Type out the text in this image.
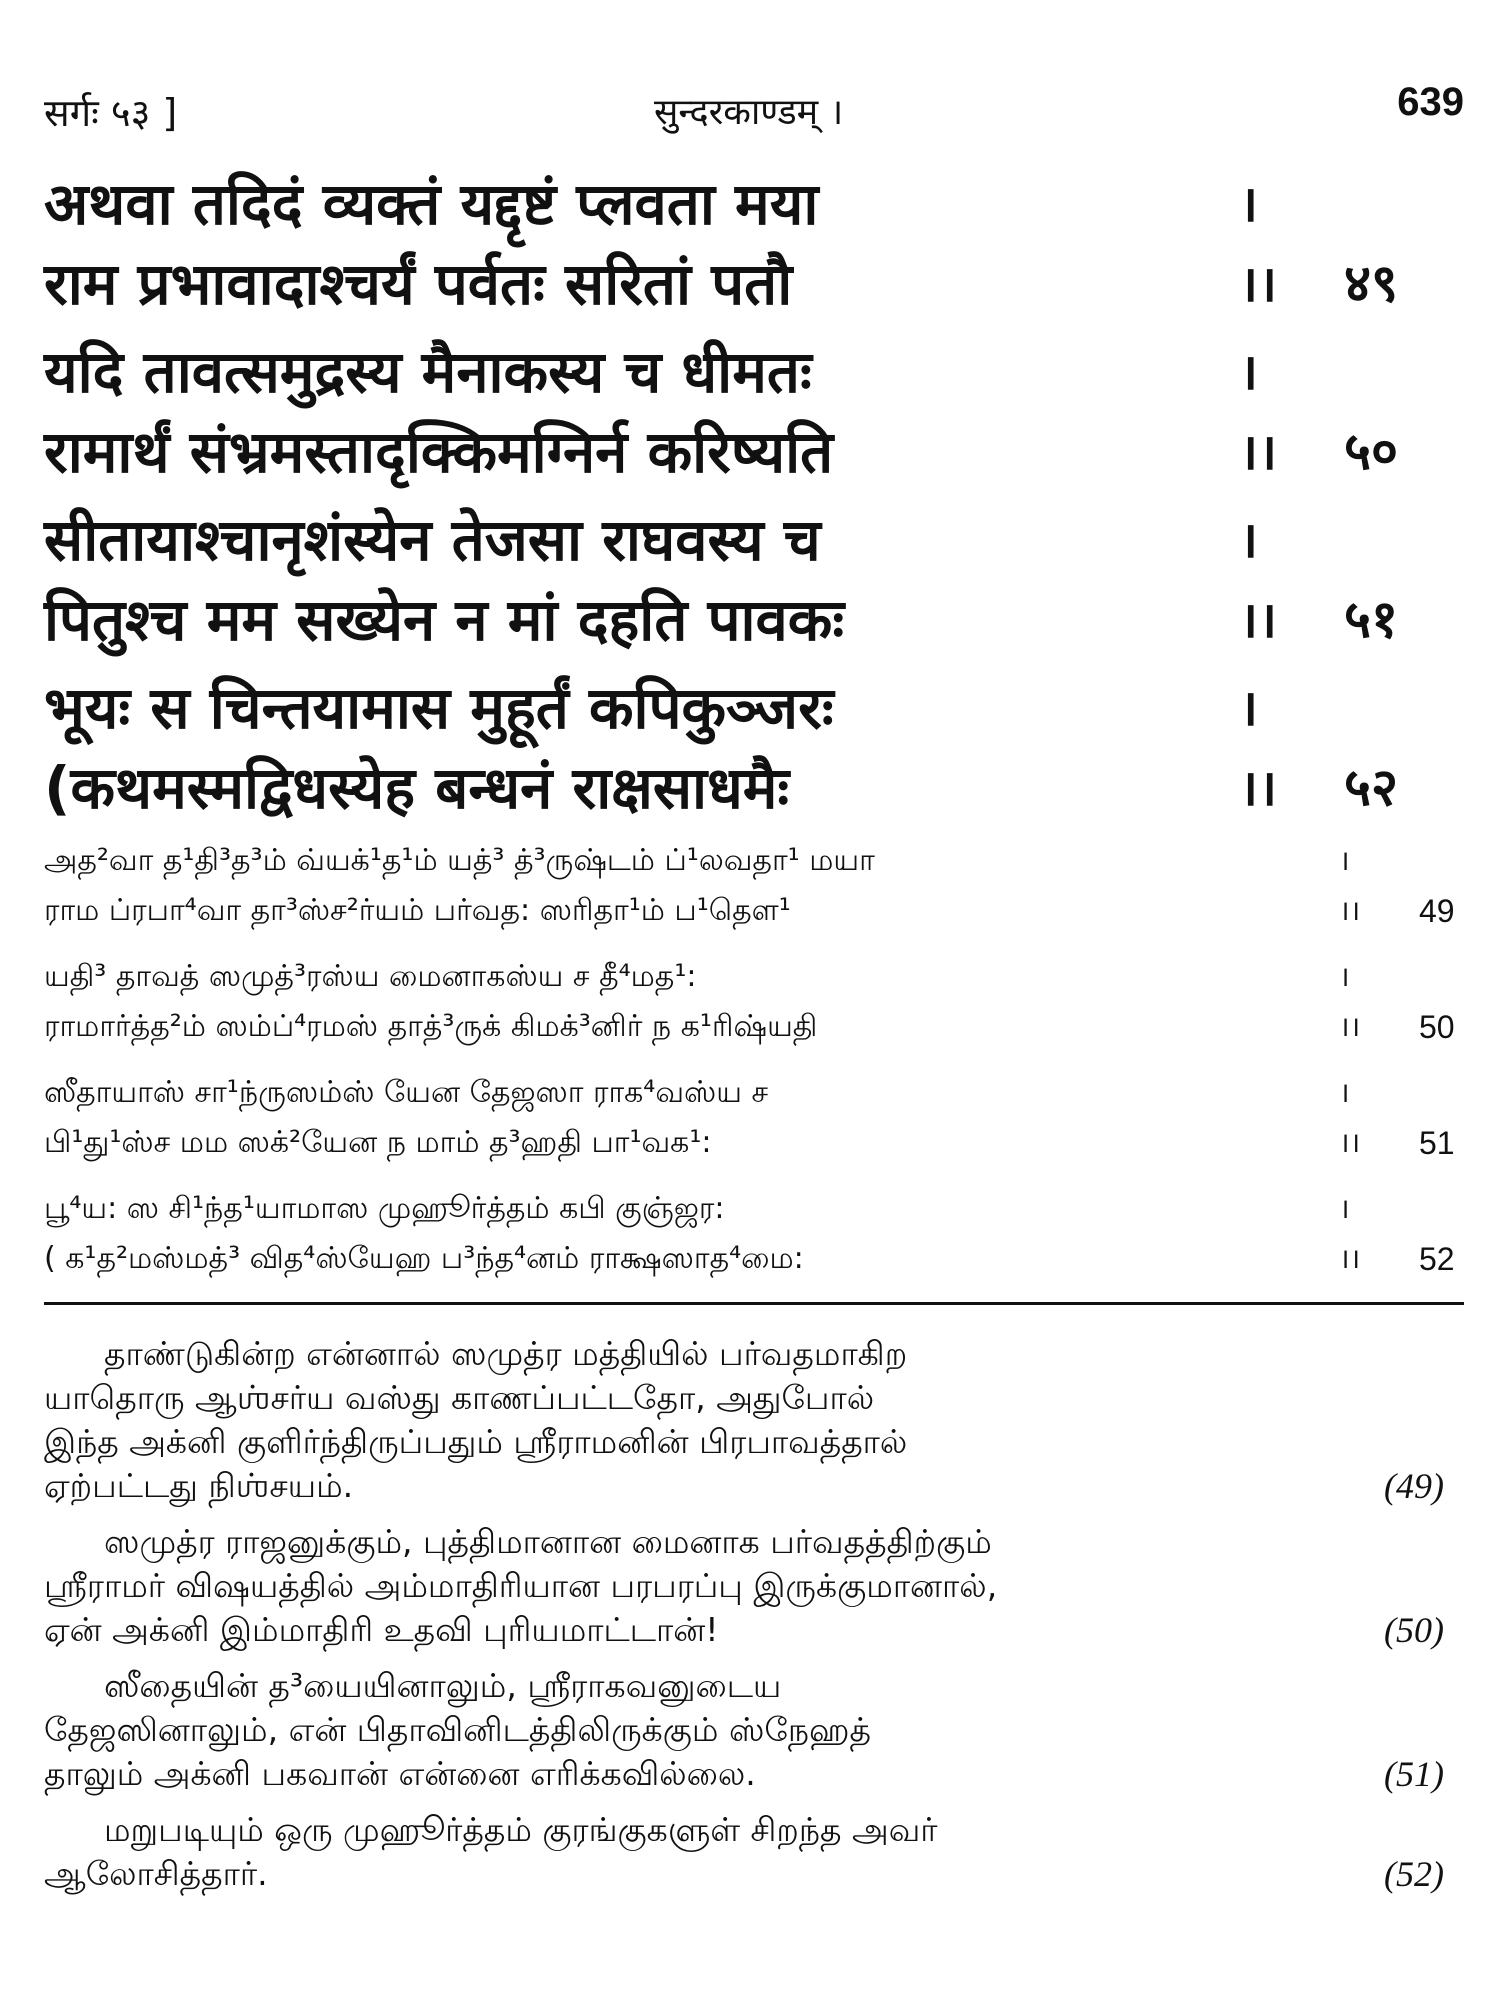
सर्गः ५३ ]	सुन्दरकाण्डम् ।	639
अथवा तदिदं व्यक्तं यद्दृष्टं प्लवता मया	।
राम प्रभावादाश्चर्यं पर्वतः सरितां पतौ	।। ४९
यदि तावत्समुद्रस्य मैनाकस्य च धीमतः	।
रामार्थं संभ्रमस्तादृक्किमग्निर्न करिष्यति	।। ५०
सीतायाश्चानृशंस्येन तेजसा राघवस्य च	।
पितुश्च मम सख्येन न मां दहति पावकः	।। ५१
भूयः स चिन्तयामास मुहूर्तं कपिकुञ्जरः	।
(कथमस्मद्विधस्येह बन्धनं राक्षसाधमैः	।। ५२
அத²வா த¹தி³த³ம் வ்யக்¹த¹ம் யத்³ த்³ருஷ்டம் ப்¹லவதா¹ மயா	।
ராம ப்ரபா⁴வா தா³ஸ்ச²ர்யம் பர்வத: ஸரிதா¹ம் ப¹தௌ¹	।। 49
யதி³ தாவத் ஸமுத்³ரஸ்ய மைனாகஸ்ய ச தீ⁴மத¹:	।
ராமார்த்த²ம் ஸம்ப்⁴ரமஸ் தாத்³ருக் கிமக்³னிர் ந க¹ரிஷ்யதி	।। 50
ஸீதாயாஸ் சா¹ந்ருஸம்ஸ் யேன தேஜஸா ராக⁴வஸ்ய ச	।
பி¹து¹ஸ்ச மம ஸக்²யேன ந மாம் த³ஹதி பா¹வக¹:	।। 51
பூ⁴ய: ஸ சி¹ந்த¹யாமாஸ முஹூர்த்தம் கபி குஞ்ஜர:	।
( க¹த²மஸ்மத்³ வித⁴ஸ்யேஹ ப³ந்த⁴னம் ராக்ஷஸாத⁴மை:	।। 52
தாண்டுகின்ற என்னால் ஸமுத்ர மத்தியில் பர்வதமாகிற
யாதொரு ஆஶ்சர்ய வஸ்து காணப்பட்டதோ, அதுபோல்
இந்த அக்னி குளிர்ந்திருப்பதும் ஸ்ரீராமனின் பிரபாவத்தால்
ஏற்பட்டது நிஶ்சயம்.	(49)
ஸமுத்ர ராஜனுக்கும், புத்திமானான மைனாக பர்வதத்திற்கும்
ஸ்ரீராமர் விஷயத்தில் அம்மாதிரியான பரபரப்பு இருக்குமானால்,
ஏன் அக்னி இம்மாதிரி உதவி புரியமாட்டான்!	(50)
ஸீதையின் த³யையினாலும், ஸ்ரீராகவனுடைய
தேஜஸினாலும், என் பிதாவினிடத்திலிருக்கும் ஸ்நேஹத்
தாலும் அக்னி பகவான் என்னை எரிக்கவில்லை.	(51)
மறுபடியும் ஒரு முஹூர்த்தம் குரங்குகளுள் சிறந்த அவர்
ஆலோசித்தார்.	(52)
